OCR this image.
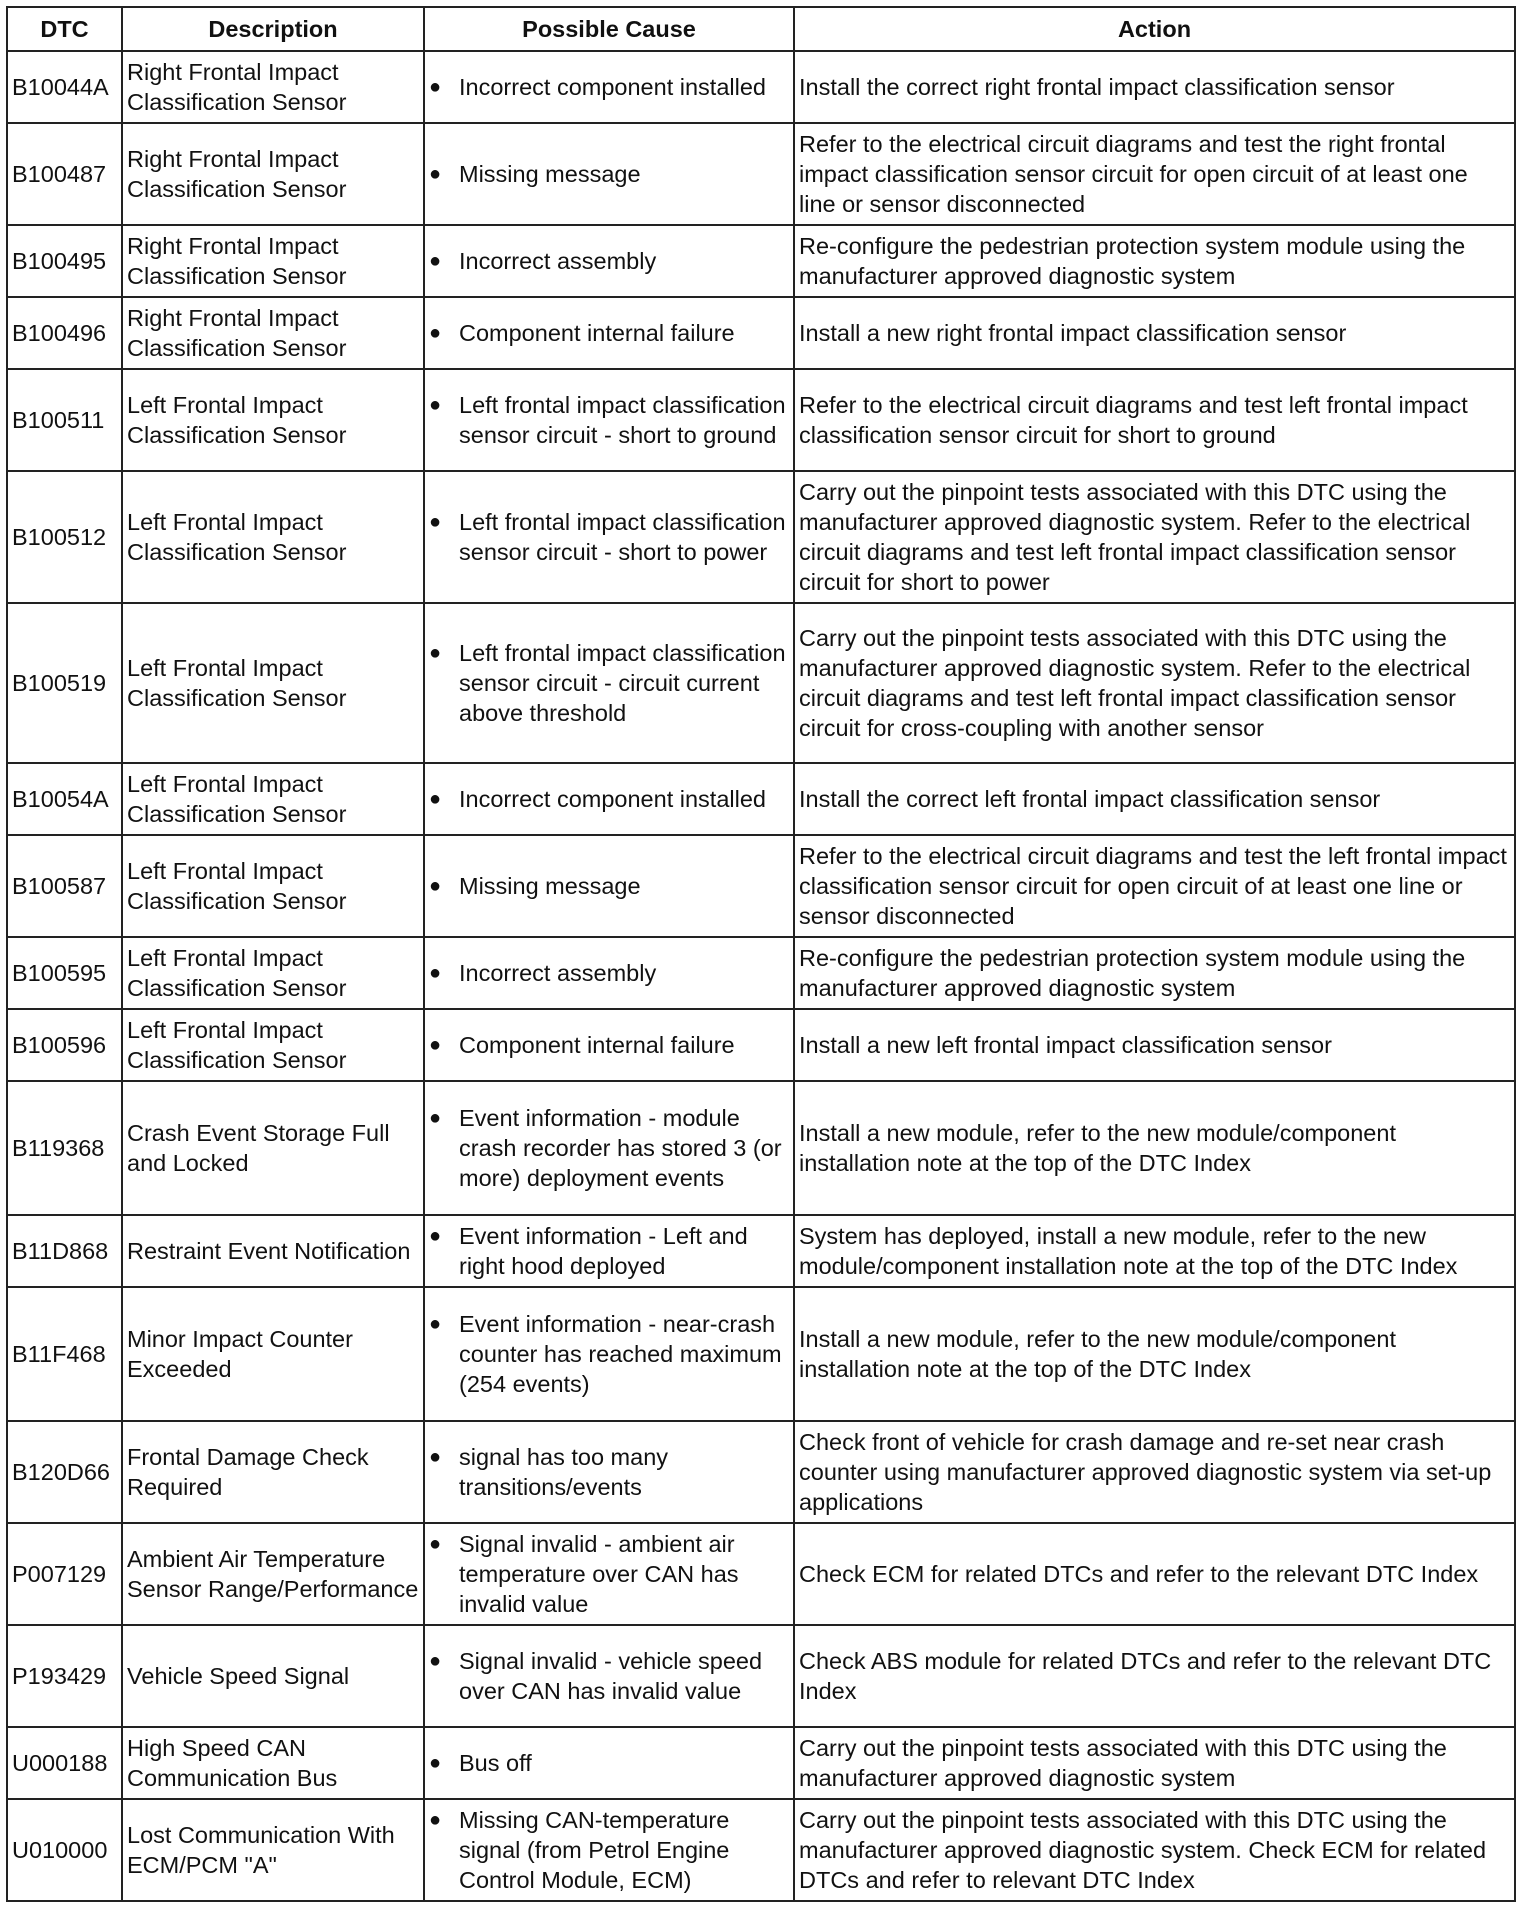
DTC	Description	Possible Cause	Action
B10044A	Right Frontal Impact Classification Sensor	● Incorrect component installed	Install the correct right frontal impact classification sensor
B100487	Right Frontal Impact Classification Sensor	● Missing message	Refer to the electrical circuit diagrams and test the right frontal impact classification sensor circuit for open circuit of at least one line or sensor disconnected
B100495	Right Frontal Impact Classification Sensor	● Incorrect assembly	Re-configure the pedestrian protection system module using the manufacturer approved diagnostic system
B100496	Right Frontal Impact Classification Sensor	● Component internal failure	Install a new right frontal impact classification sensor
B100511	Left Frontal Impact Classification Sensor	● Left frontal impact classification sensor circuit - short to ground	Refer to the electrical circuit diagrams and test left frontal impact classification sensor circuit for short to ground
B100512	Left Frontal Impact Classification Sensor	● Left frontal impact classification sensor circuit - short to power	Carry out the pinpoint tests associated with this DTC using the manufacturer approved diagnostic system. Refer to the electrical circuit diagrams and test left frontal impact classification sensor circuit for short to power
B100519	Left Frontal Impact Classification Sensor	● Left frontal impact classification sensor circuit - circuit current above threshold	Carry out the pinpoint tests associated with this DTC using the manufacturer approved diagnostic system. Refer to the electrical circuit diagrams and test left frontal impact classification sensor circuit for cross-coupling with another sensor
B10054A	Left Frontal Impact Classification Sensor	● Incorrect component installed	Install the correct left frontal impact classification sensor
B100587	Left Frontal Impact Classification Sensor	● Missing message	Refer to the electrical circuit diagrams and test the left frontal impact classification sensor circuit for open circuit of at least one line or sensor disconnected
B100595	Left Frontal Impact Classification Sensor	● Incorrect assembly	Re-configure the pedestrian protection system module using the manufacturer approved diagnostic system
B100596	Left Frontal Impact Classification Sensor	● Component internal failure	Install a new left frontal impact classification sensor
B119368	Crash Event Storage Full and Locked	● Event information - module crash recorder has stored 3 (or more) deployment events	Install a new module, refer to the new module/component installation note at the top of the DTC Index
B11D868	Restraint Event Notification	● Event information - Left and right hood deployed	System has deployed, install a new module, refer to the new module/component installation note at the top of the DTC Index
B11F468	Minor Impact Counter Exceeded	● Event information - near-crash counter has reached maximum (254 events)	Install a new module, refer to the new module/component installation note at the top of the DTC Index
B120D66	Frontal Damage Check Required	● signal has too many transitions/events	Check front of vehicle for crash damage and re-set near crash counter using manufacturer approved diagnostic system via set-up applications
P007129	Ambient Air Temperature Sensor Range/Performance	● Signal invalid - ambient air temperature over CAN has invalid value	Check ECM for related DTCs and refer to the relevant DTC Index
P193429	Vehicle Speed Signal	● Signal invalid - vehicle speed over CAN has invalid value	Check ABS module for related DTCs and refer to the relevant DTC Index
U000188	High Speed CAN Communication Bus	● Bus off	Carry out the pinpoint tests associated with this DTC using the manufacturer approved diagnostic system
U010000	Lost Communication With ECM/PCM "A"	● Missing CAN-temperature signal (from Petrol Engine Control Module, ECM)	Carry out the pinpoint tests associated with this DTC using the manufacturer approved diagnostic system. Check ECM for related DTCs and refer to relevant DTC Index
